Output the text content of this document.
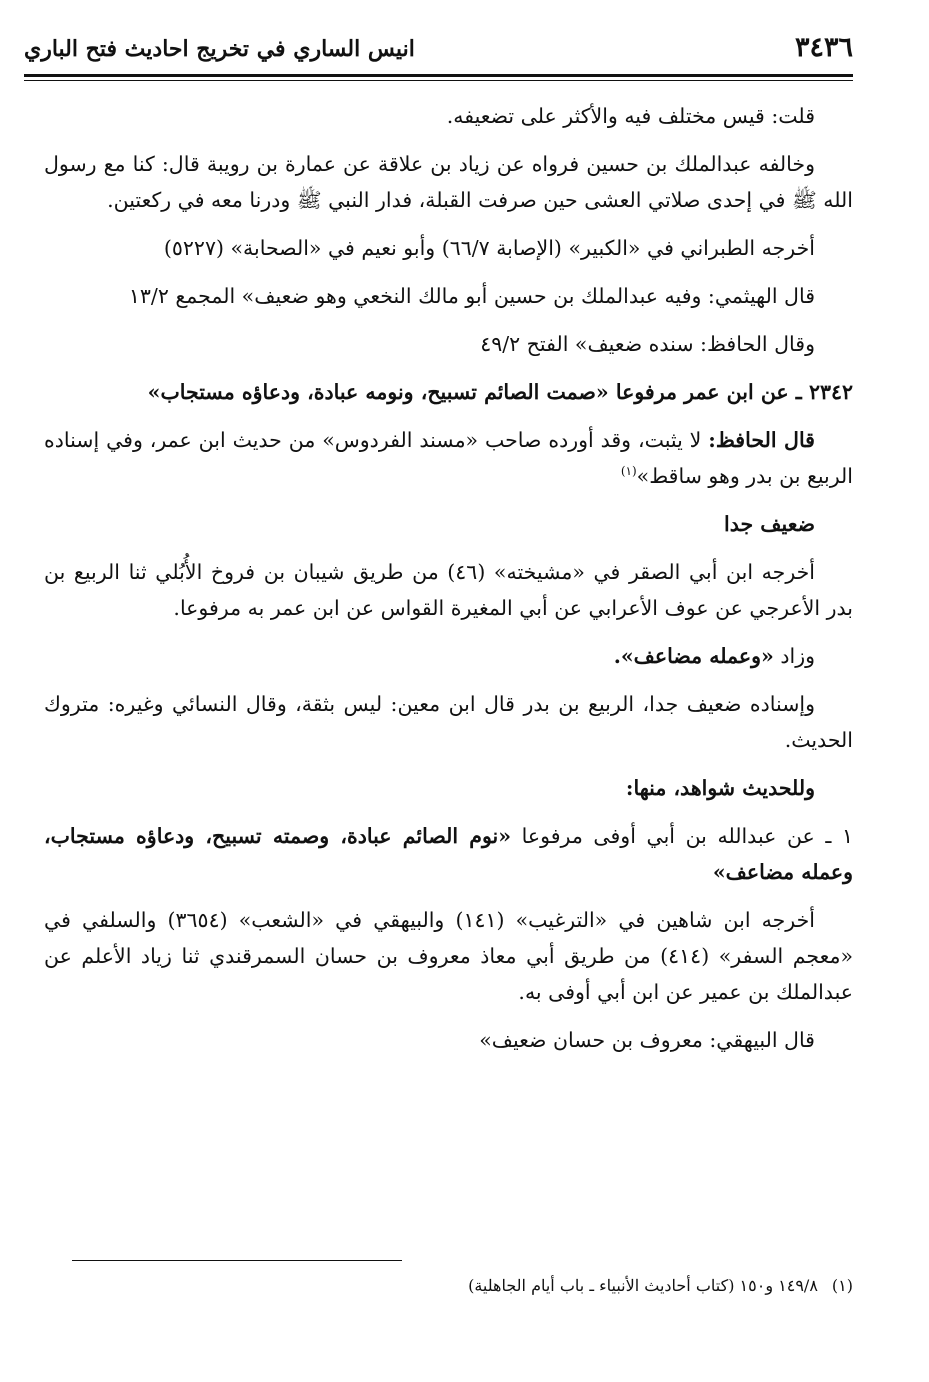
٣٤٣٦
انيس الساري في تخريج احاديث فتح الباري

قلت: قيس مختلف فيه والأكثر على تضعيفه.

وخالفه عبدالملك بن حسين فرواه عن زياد بن علاقة عن عمارة بن رويبة قال: كنا مع رسول الله ﷺ في إحدى صلاتي العشى حين صرفت القبلة، فدار النبي ﷺ ودرنا معه في ركعتين.

أخرجه الطبراني في «الكبير» (الإصابة ٦٦/٧) وأبو نعيم في «الصحابة» (٥٢٢٧)

قال الهيثمي: وفيه عبدالملك بن حسين أبو مالك النخعي وهو ضعيف» المجمع ١٣/٢

وقال الحافظ: سنده ضعيف» الفتح ٤٩/٢

٢٣٤٢ ـ عن ابن عمر مرفوعا «صمت الصائم تسبيح، ونومه عبادة، ودعاؤه مستجاب»

قال الحافظ: لا يثبت، وقد أورده صاحب «مسند الفردوس» من حديث ابن عمر، وفي إسناده الربيع بن بدر وهو ساقط»$^{(١)}$

ضعيف جدا

أخرجه ابن أبي الصقر في «مشيخته» (٤٦) من طريق شيبان بن فروخ الأُبُلي ثنا الربيع بن بدر الأعرجي عن عوف الأعرابي عن أبي المغيرة القواس عن ابن عمر به مرفوعا.

وزاد «وعمله مضاعف».

وإسناده ضعيف جدا، الربيع بن بدر قال ابن معين: ليس بثقة، وقال النسائي وغيره: متروك الحديث.

وللحديث شواهد، منها:

١ ـ عن عبدالله بن أبي أوفى مرفوعا «نوم الصائم عبادة، وصمته تسبيح، ودعاؤه مستجاب، وعمله مضاعف»

أخرجه ابن شاهين في «الترغيب» (١٤١) والبيهقي في «الشعب» (٣٦٥٤) والسلفي في «معجم السفر» (٤١٤) من طريق أبي معاذ معروف بن حسان السمرقندي ثنا زياد الأعلم عن عبدالملك بن عمير عن ابن أبي أوفى به.

قال البيهقي: معروف بن حسان ضعيف»

(١)١٤٩/٨ و١٥٠ (كتاب أحاديث الأنبياء ـ باب أيام الجاهلية)
